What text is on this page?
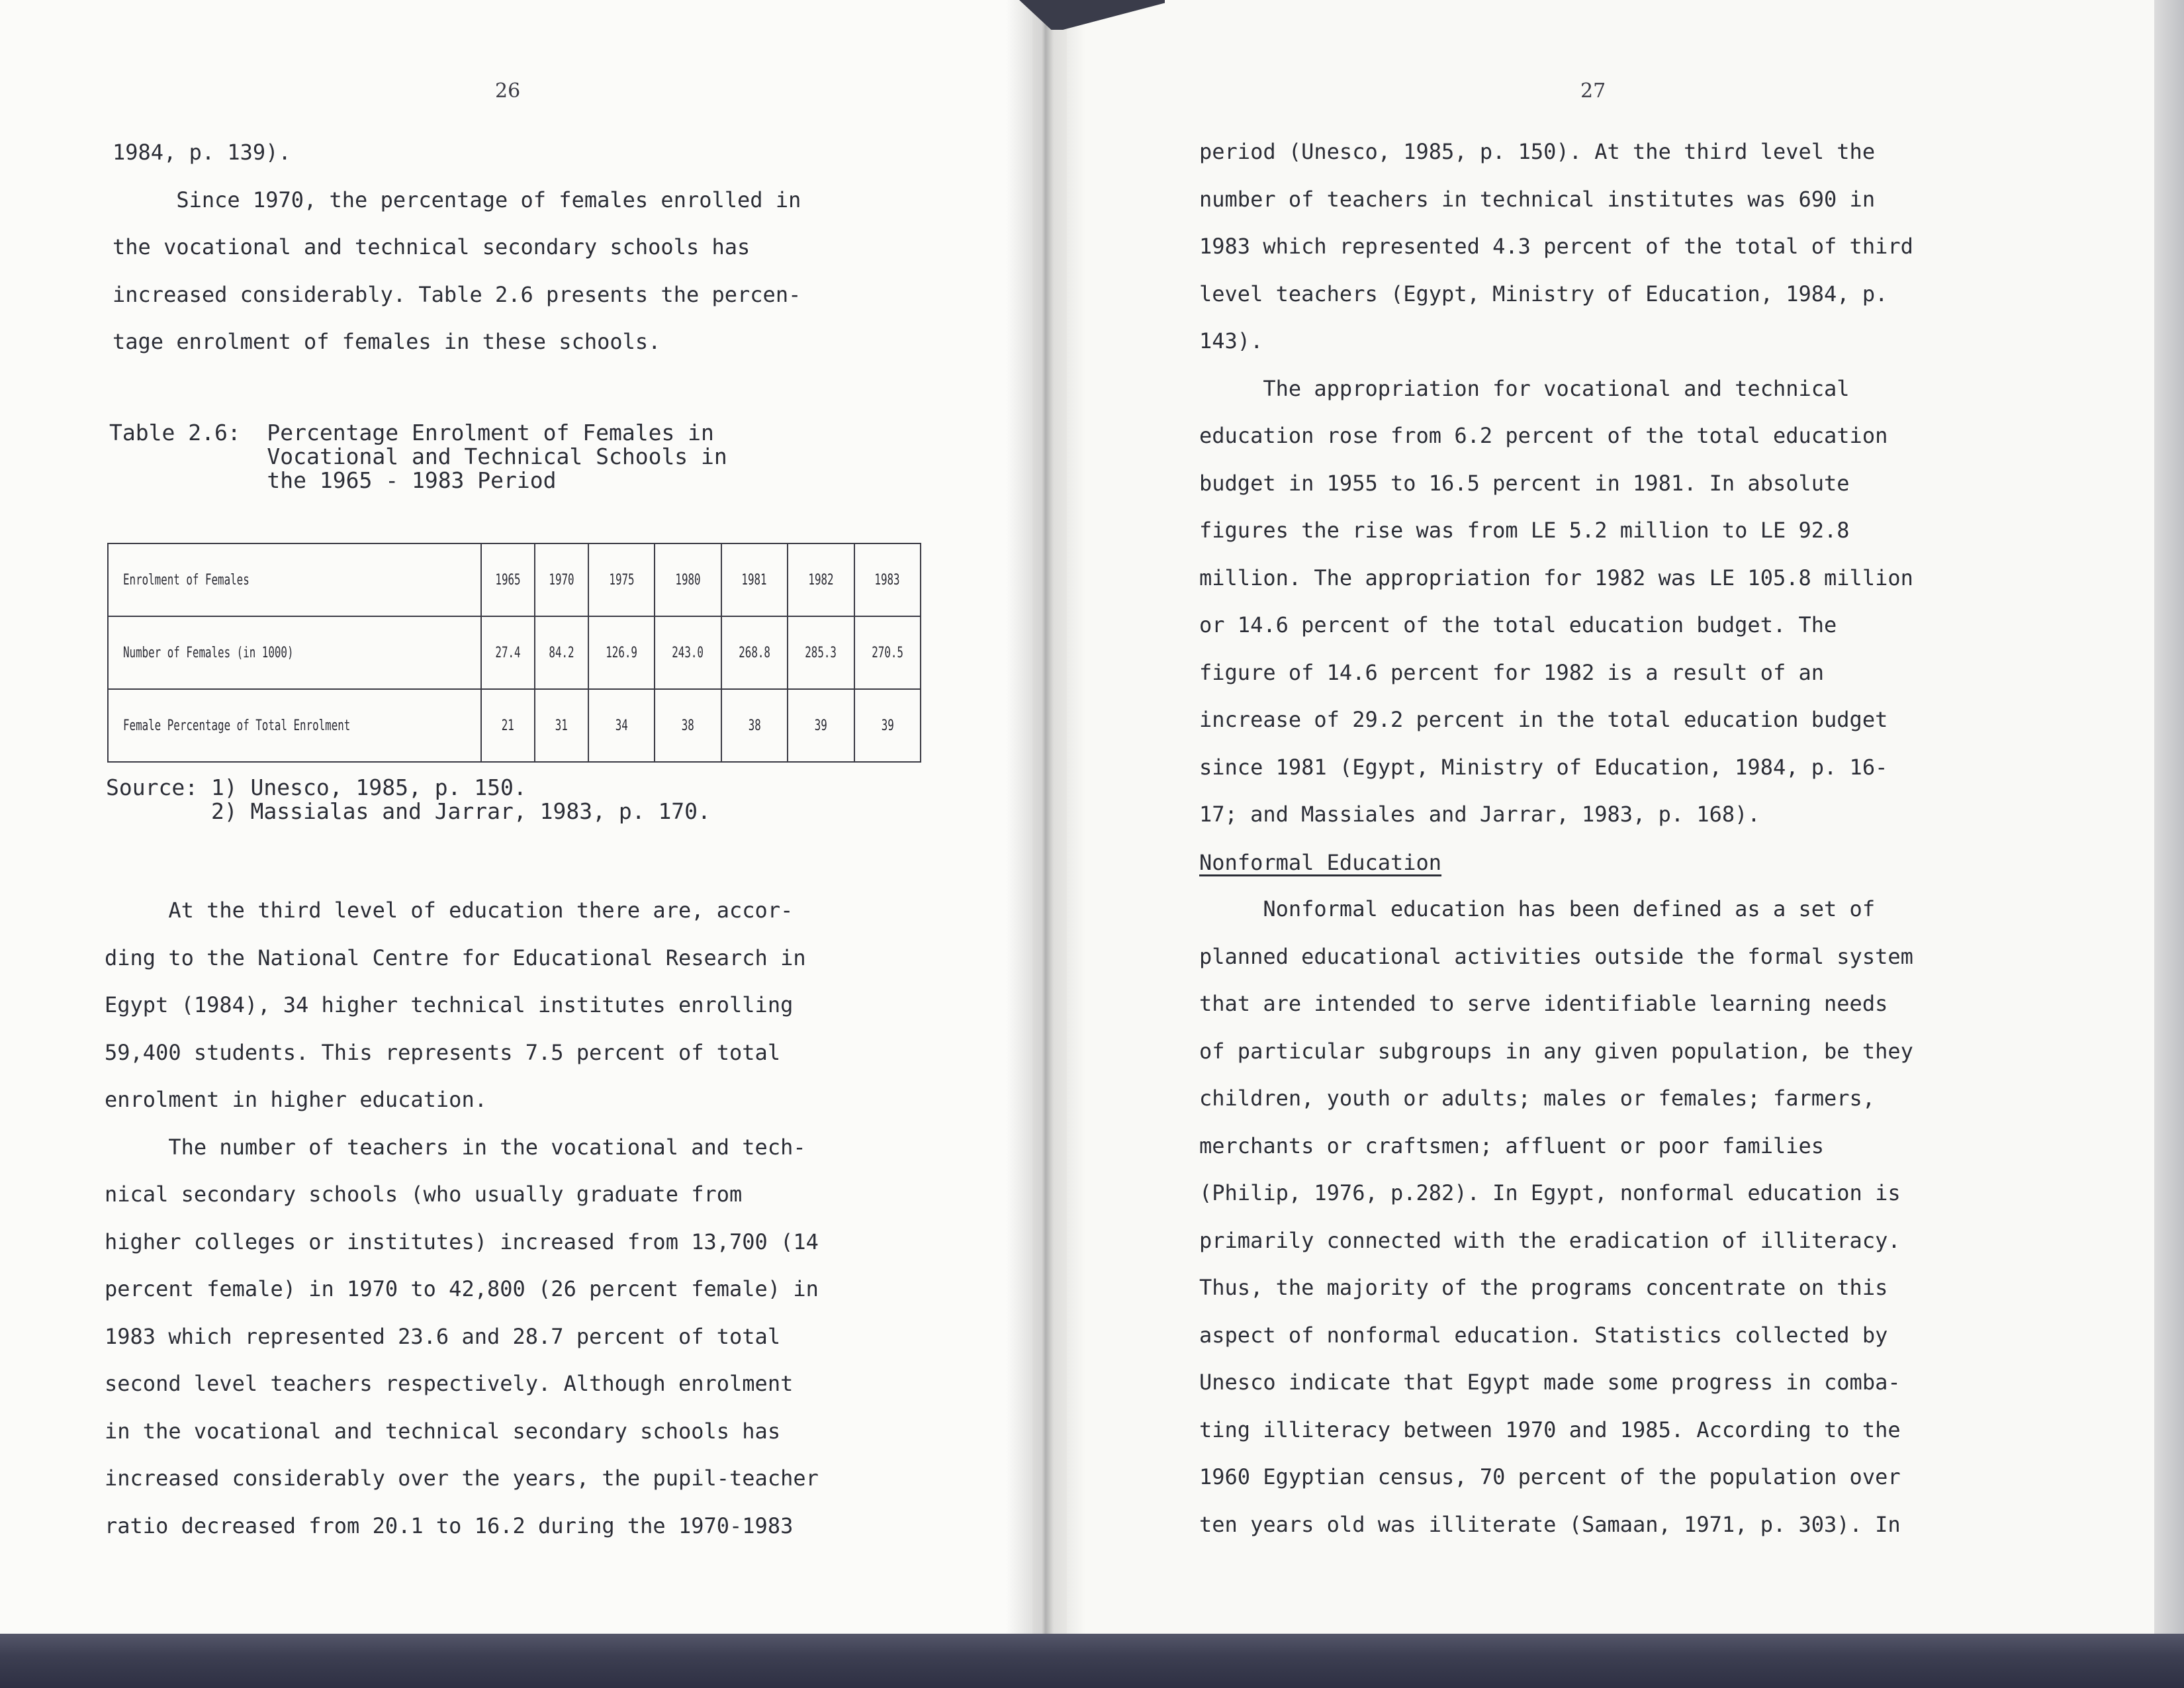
26
1984, p. 139).
Since 1970, the percentage of females enrolled in
the vocational and technical secondary schools has
increased considerably. Table 2.6 presents the percen-
tage enrolment of females in these schools.
Table 2.6:  Percentage Enrolment of Females in
Vocational and Technical Schools in
the 1965 - 1983 Period
Enrolment of Females	1965	1970	1975	1980	1981	1982	1983
Number of Females (in 1000)	27.4	84.2	126.9	243.0	268.8	285.3	270.5
Female Percentage of Total Enrolment	21	31	34	38	38	39	39
Source: 1) Unesco, 1985, p. 150.
2) Massialas and Jarrar, 1983, p. 170.
At the third level of education there are, accor-
ding to the National Centre for Educational Research in
Egypt (1984), 34 higher technical institutes enrolling
59,400 students. This represents 7.5 percent of total
enrolment in higher education.
The number of teachers in the vocational and tech-
nical secondary schools (who usually graduate from
higher colleges or institutes) increased from 13,700 (14
percent female) in 1970 to 42,800 (26 percent female) in
1983 which represented 23.6 and 28.7 percent of total
second level teachers respectively. Although enrolment
in the vocational and technical secondary schools has
increased considerably over the years, the pupil-teacher
ratio decreased from 20.1 to 16.2 during the 1970-1983
27
period (Unesco, 1985, p. 150). At the third level the
number of teachers in technical institutes was 690 in
1983 which represented 4.3 percent of the total of third
level teachers (Egypt, Ministry of Education, 1984, p.
143).
The appropriation for vocational and technical
education rose from 6.2 percent of the total education
budget in 1955 to 16.5 percent in 1981. In absolute
figures the rise was from LE 5.2 million to LE 92.8
million. The appropriation for 1982 was LE 105.8 million
or 14.6 percent of the total education budget. The
figure of 14.6 percent for 1982 is a result of an
increase of 29.2 percent in the total education budget
since 1981 (Egypt, Ministry of Education, 1984, p. 16-
17; and Massiales and Jarrar, 1983, p. 168).
Nonformal Education
Nonformal education has been defined as a set of
planned educational activities outside the formal system
that are intended to serve identifiable learning needs
of particular subgroups in any given population, be they
children, youth or adults; males or females; farmers,
merchants or craftsmen; affluent or poor families
(Philip, 1976, p.282). In Egypt, nonformal education is
primarily connected with the eradication of illiteracy.
Thus, the majority of the programs concentrate on this
aspect of nonformal education. Statistics collected by
Unesco indicate that Egypt made some progress in comba-
ting illiteracy between 1970 and 1985. According to the
1960 Egyptian census, 70 percent of the population over
ten years old was illiterate (Samaan, 1971, p. 303). In
